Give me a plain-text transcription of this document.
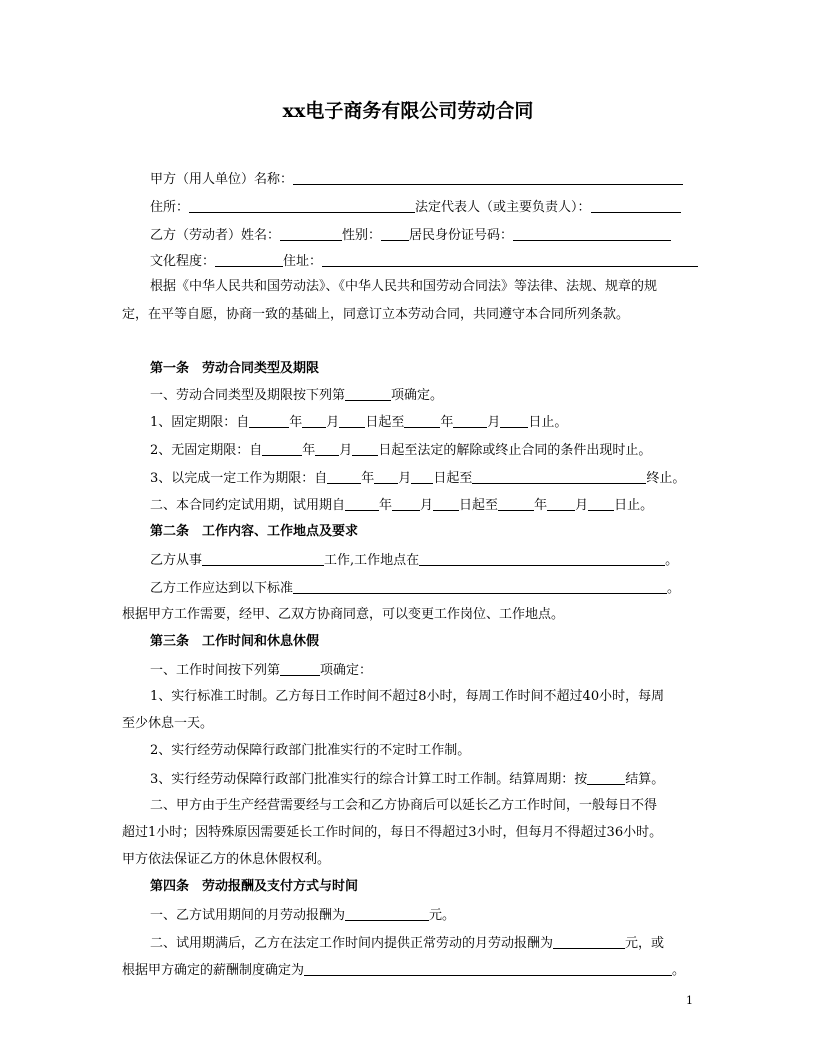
xx电子商务有限公司劳动合同
甲方（用人单位）名称：
住所：	法定代表人（或主要负责人）：
乙方（劳动者）姓名：	性别： 居民身份证号码：
文化程度：	住址：
根据《中华人民共和国劳动法》、《中华人民共和国劳动合同法》等法律、法规、规章的规
定，在平等自愿，协商一致的基础上，同意订立本劳动合同，共同遵守本合同所列条款。
第一条　劳动合同类型及期限
一、劳动合同类型及期限按下列第	项确定。
1、固定期限：自	年 月 日起至	年	月 日止。
2、无固定期限：自	年 月 日起至法定的解除或终止合同的条件出现时止。
3、以完成一定工作为期限：自	年 月 日起至	终止。
二、本合同约定试用期，试用期自	年 月 日起至	年 月 日止。
第二条　工作内容、工作地点及要求
乙方从事	工作,工作地点在	。
乙方工作应达到以下标准	。
根据甲方工作需要，经甲、乙双方协商同意，可以变更工作岗位、工作地点。
第三条　工作时间和休息休假
一、工作时间按下列第	项确定：
1、实行标准工时制。乙方每日工作时间不超过8小时，每周工作时间不超过40小时，每周
至少休息一天。
2、实行经劳动保障行政部门批准实行的不定时工作制。
3、实行经劳动保障行政部门批准实行的综合计算工时工作制。结算周期：按	结算。
二、甲方由于生产经营需要经与工会和乙方协商后可以延长乙方工作时间，一般每日不得
超过1小时；因特殊原因需要延长工作时间的，每日不得超过3小时，但每月不得超过36小时。
甲方依法保证乙方的休息休假权利。
第四条　劳动报酬及支付方式与时间
一、乙方试用期间的月劳动报酬为	元。
二、试用期满后，乙方在法定工作时间内提供正常劳动的月劳动报酬为	元，或
根据甲方确定的薪酬制度确定为	。
1
